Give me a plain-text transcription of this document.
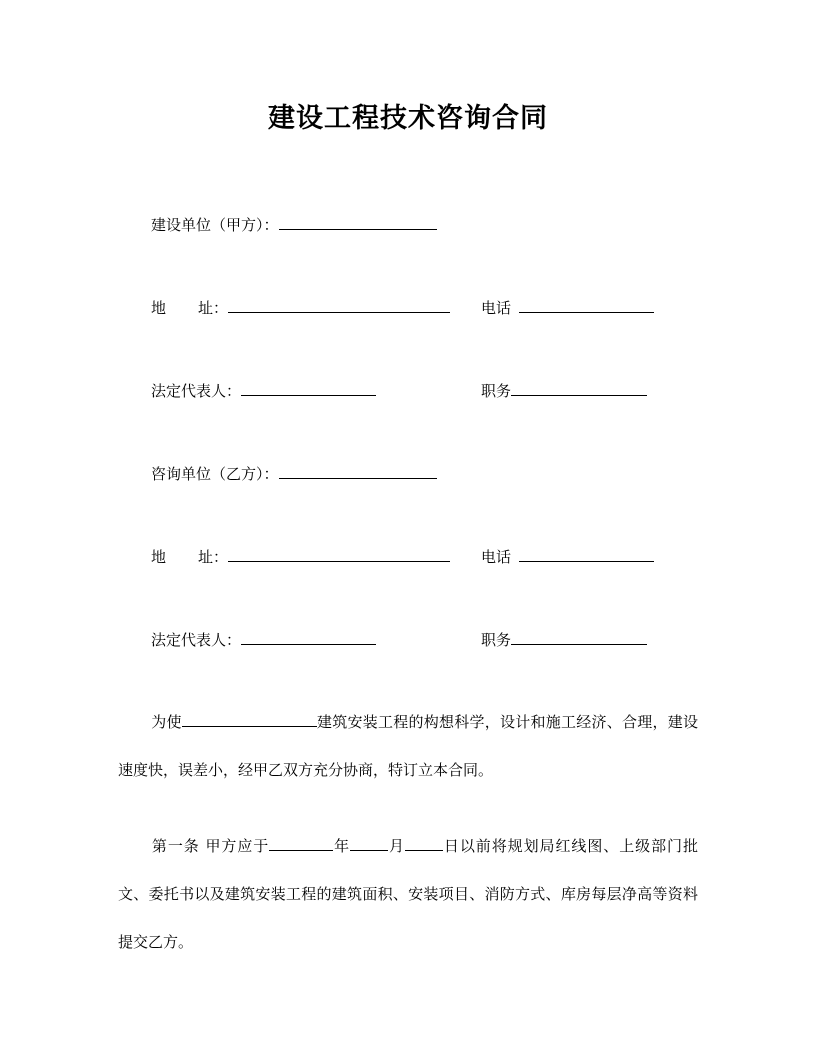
建设工程技术咨询合同
建设单位（甲方）：
地 址：	电话
法定代表人：	职务
咨询单位（乙方）：
地 址：	电话
法定代表人：	职务
为使	建筑安装工程的构想科学，设计和施工经济、合理，建设速度快，误差小，经甲乙双方充分协商，特订立本合同。
第一条 甲方应于	年	月	日以前将规划局红线图、上级部门批文、委托书以及建筑安装工程的建筑面积、安装项目、消防方式、库房每层净高等资料提交乙方。
